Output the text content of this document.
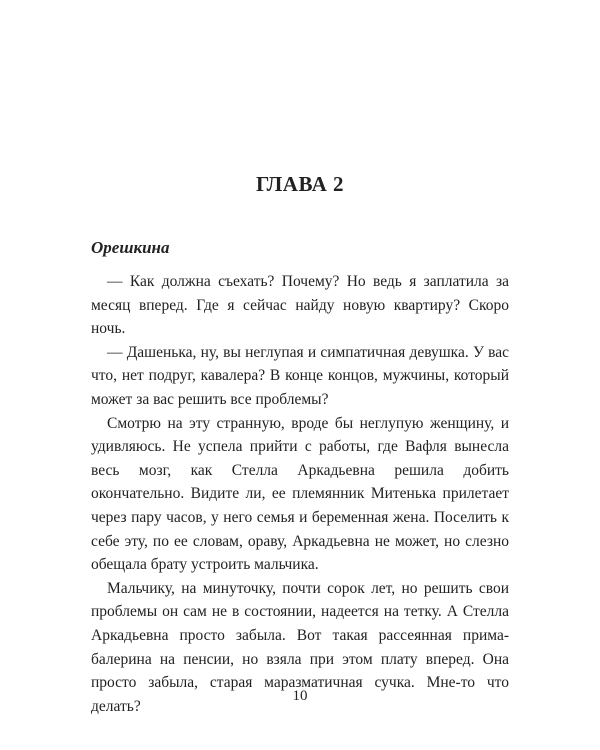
ГЛАВА 2
Орешкина

— Как должна съехать? Почему? Но ведь я заплатила за месяц вперед. Где я сейчас найду новую квартиру? Скоро ночь.

— Дашенька, ну, вы неглупая и симпатичная девушка. У вас что, нет подруг, кавалера? В конце концов, мужчины, который может за вас решить все проблемы?

Смотрю на эту странную, вроде бы неглупую женщину, и удивляюсь. Не успела прийти с работы, где Вафля вынесла весь мозг, как Стелла Аркадьевна решила добить окончательно. Видите ли, ее племянник Митенька прилетает через пару часов, у него семья и беременная жена. Поселить к себе эту, по ее словам, ораву, Аркадьевна не может, но слезно обещала брату устроить мальчика.

Мальчику, на минуточку, почти сорок лет, но решить свои проблемы он сам не в состоянии, надеется на тетку. А Стелла Аркадьевна просто забыла. Вот такая рассеянная прима-балерина на пенсии, но взяла при этом плату вперед. Она просто забыла, старая маразматичная сучка. Мне-то что делать?

10
